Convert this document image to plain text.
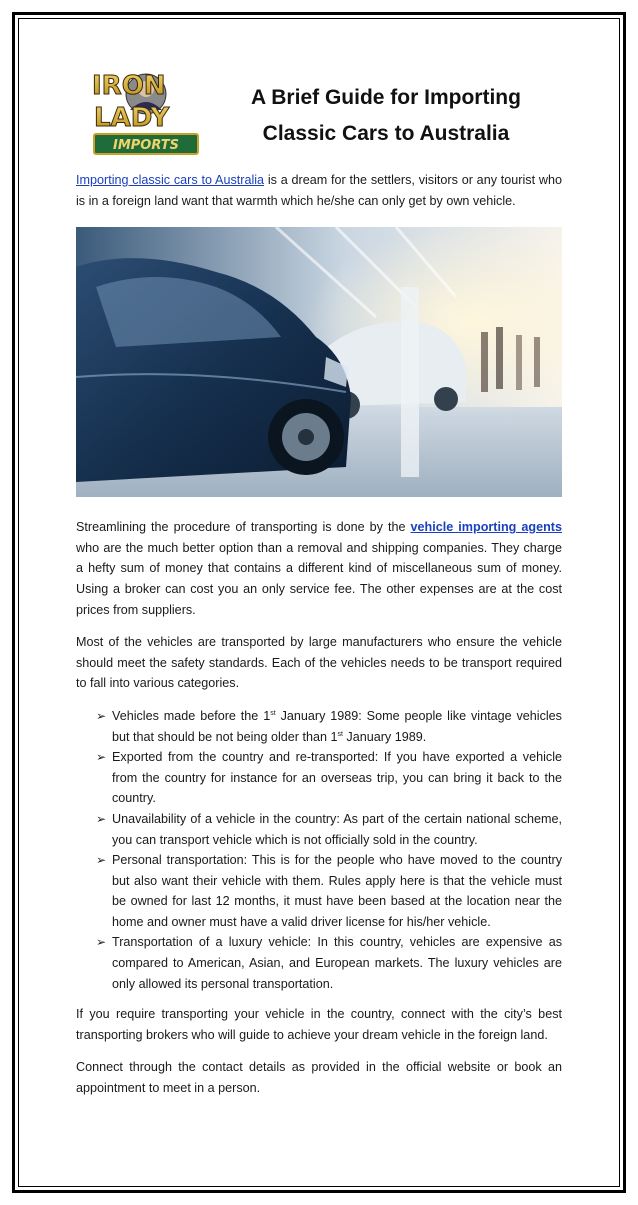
IRON
LADY
IMPORTS
A Brief Guide for Importing
Classic Cars to Australia

Importing classic cars to Australia is a dream for the settlers, visitors or any tourist who is in a foreign land want that warmth which he/she can only get by own vehicle.

Streamlining the procedure of transporting is done by the vehicle importing agents who are the much better option than a removal and shipping companies. They charge a hefty sum of money that contains a different kind of miscellaneous sum of money. Using a broker can cost you an only service fee. The other expenses are at the cost prices from suppliers.

Most of the vehicles are transported by large manufacturers who ensure the vehicle should meet the safety standards. Each of the vehicles needs to be transport required to fall into various categories.

➢ Vehicles made before the 1st January 1989: Some people like vintage vehicles but that should be not being older than 1st January 1989.
➢ Exported from the country and re-transported: If you have exported a vehicle from the country for instance for an overseas trip, you can bring it back to the country.
➢ Unavailability of a vehicle in the country: As part of the certain national scheme, you can transport vehicle which is not officially sold in the country.
➢ Personal transportation: This is for the people who have moved to the country but also want their vehicle with them. Rules apply here is that the vehicle must be owned for last 12 months, it must have been based at the location near the home and owner must have a valid driver license for his/her vehicle.
➢ Transportation of a luxury vehicle: In this country, vehicles are expensive as compared to American, Asian, and European markets. The luxury vehicles are only allowed its personal transportation.

If you require transporting your vehicle in the country, connect with the city’s best transporting brokers who will guide to achieve your dream vehicle in the foreign land.

Connect through the contact details as provided in the official website or book an appointment to meet in a person.
